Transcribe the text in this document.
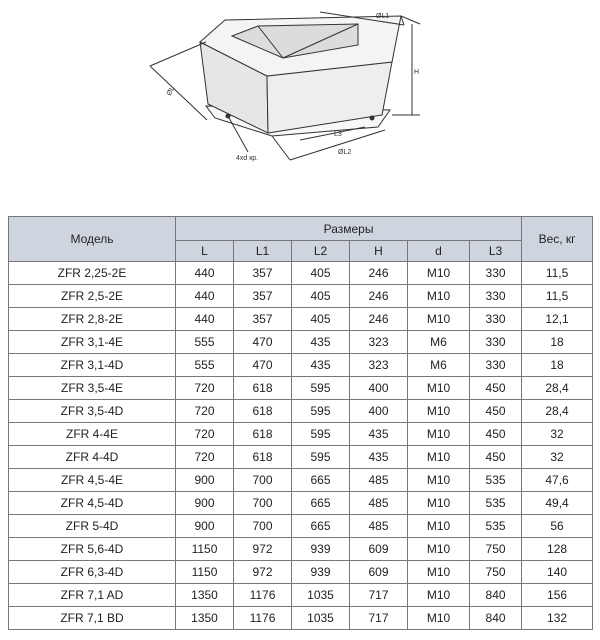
ØL1
H
ØL
L3
ØL2
4xd кр.
Модель	Размеры						Вес, кг
	L	L1	L2	H	d	L3	
ZFR 2,25-2E	440	357	405	246	M10	330	11,5
ZFR 2,5-2E	440	357	405	246	M10	330	11,5
ZFR 2,8-2E	440	357	405	246	M10	330	12,1
ZFR 3,1-4E	555	470	435	323	M6	330	18
ZFR 3,1-4D	555	470	435	323	M6	330	18
ZFR 3,5-4E	720	618	595	400	M10	450	28,4
ZFR 3,5-4D	720	618	595	400	M10	450	28,4
ZFR 4-4E	720	618	595	435	M10	450	32
ZFR 4-4D	720	618	595	435	M10	450	32
ZFR 4,5-4E	900	700	665	485	M10	535	47,6
ZFR 4,5-4D	900	700	665	485	M10	535	49,4
ZFR 5-4D	900	700	665	485	M10	535	56
ZFR 5,6-4D	1150	972	939	609	M10	750	128
ZFR 6,3-4D	1150	972	939	609	M10	750	140
ZFR 7,1 AD	1350	1176	1035	717	M10	840	156
ZFR 7,1 BD	1350	1176	1035	717	M10	840	132
